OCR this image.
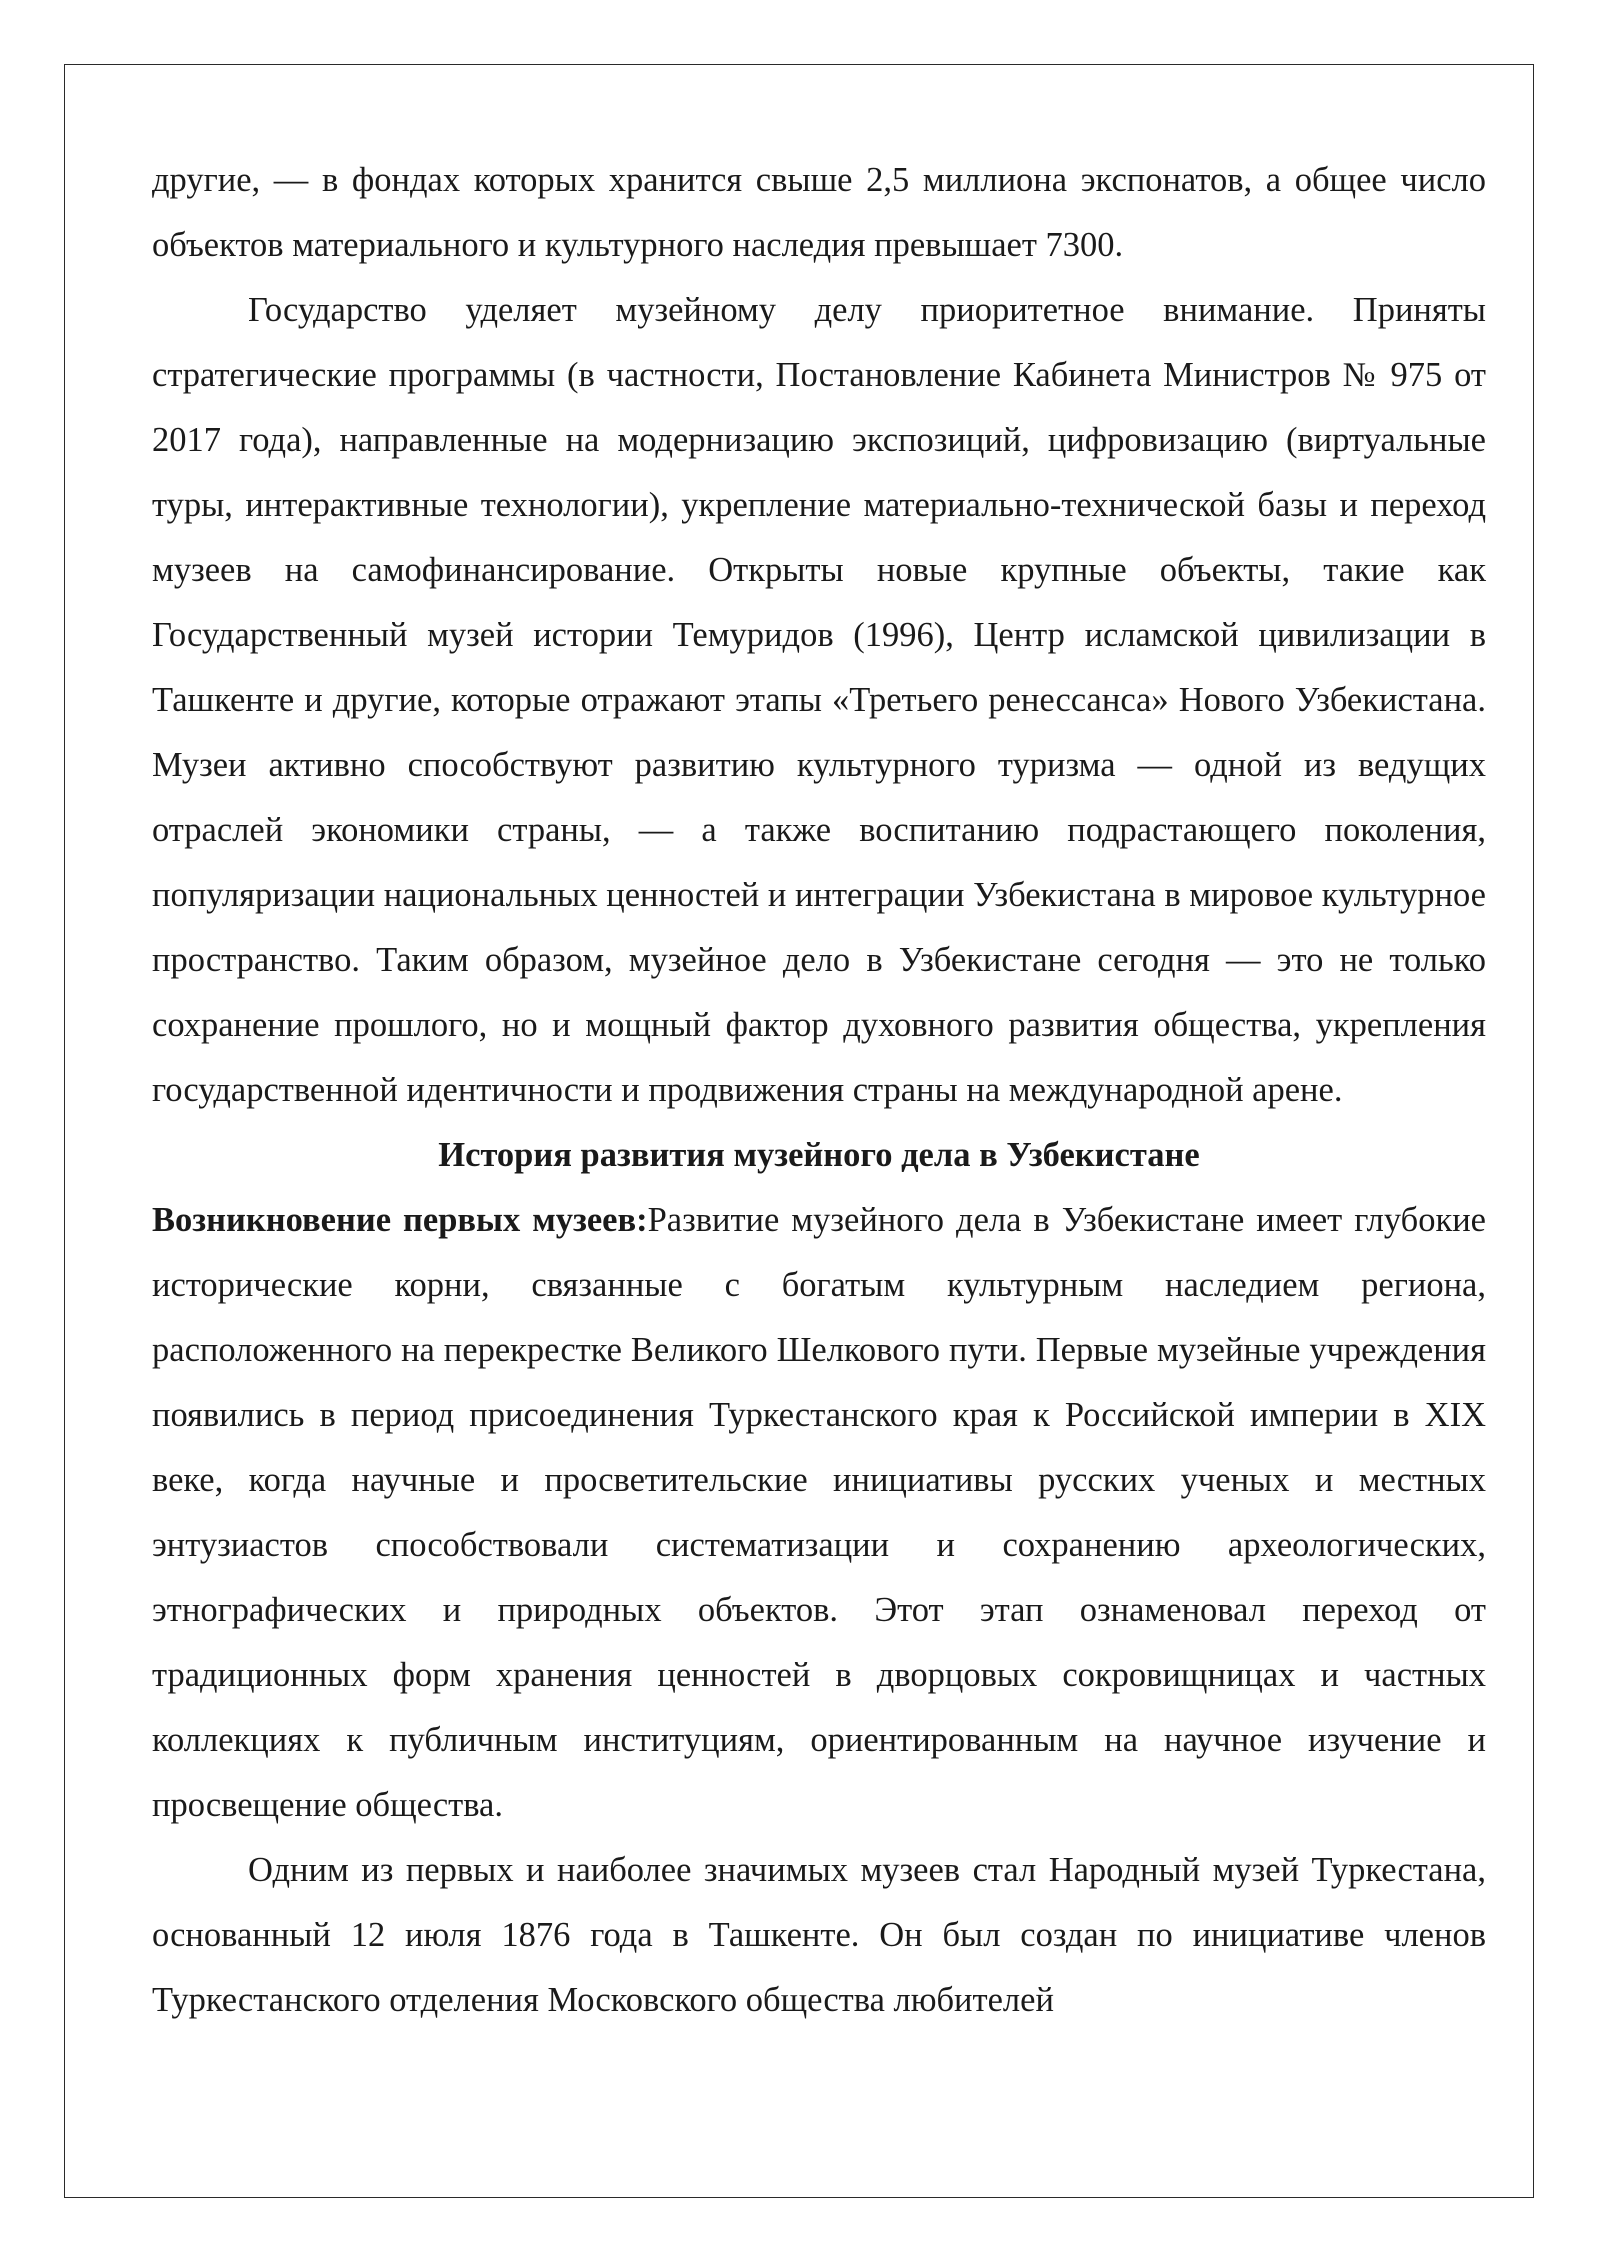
другие, — в фондах которых хранится свыше 2,5 миллиона экспонатов, а общее число объектов материального и культурного наследия превышает 7300.

Государство уделяет музейному делу приоритетное внимание. Приняты стратегические программы (в частности, Постановление Кабинета Министров № 975 от 2017 года), направленные на модернизацию экспозиций, цифровизацию (виртуальные туры, интерактивные технологии), укрепление материально-технической базы и переход музеев на самофинансирование. Открыты новые крупные объекты, такие как Государственный музей истории Темуридов (1996), Центр исламской цивилизации в Ташкенте и другие, которые отражают этапы «Третьего ренессанса» Нового Узбекистана. Музеи активно способствуют развитию культурного туризма — одной из ведущих отраслей экономики страны, — а также воспитанию подрастающего поколения, популяризации национальных ценностей и интеграции Узбекистана в мировое культурное пространство. Таким образом, музейное дело в Узбекистане сегодня — это не только сохранение прошлого, но и мощный фактор духовного развития общества, укрепления государственной идентичности и продвижения страны на международной арене.

История развития музейного дела в Узбекистане

Возникновение первых музеев:Развитие музейного дела в Узбекистане имеет глубокие исторические корни, связанные с богатым культурным наследием региона, расположенного на перекрестке Великого Шелкового пути. Первые музейные учреждения появились в период присоединения Туркестанского края к Российской империи в XIX веке, когда научные и просветительские инициативы русских ученых и местных энтузиастов способствовали систематизации и сохранению археологических, этнографических и природных объектов. Этот этап ознаменовал переход от традиционных форм хранения ценностей в дворцовых сокровищницах и частных коллекциях к публичным институциям, ориентированным на научное изучение и просвещение общества.

Одним из первых и наиболее значимых музеев стал Народный музей Туркестана, основанный 12 июля 1876 года в Ташкенте. Он был создан по инициативе членов Туркестанского отделения Московского общества любителей
